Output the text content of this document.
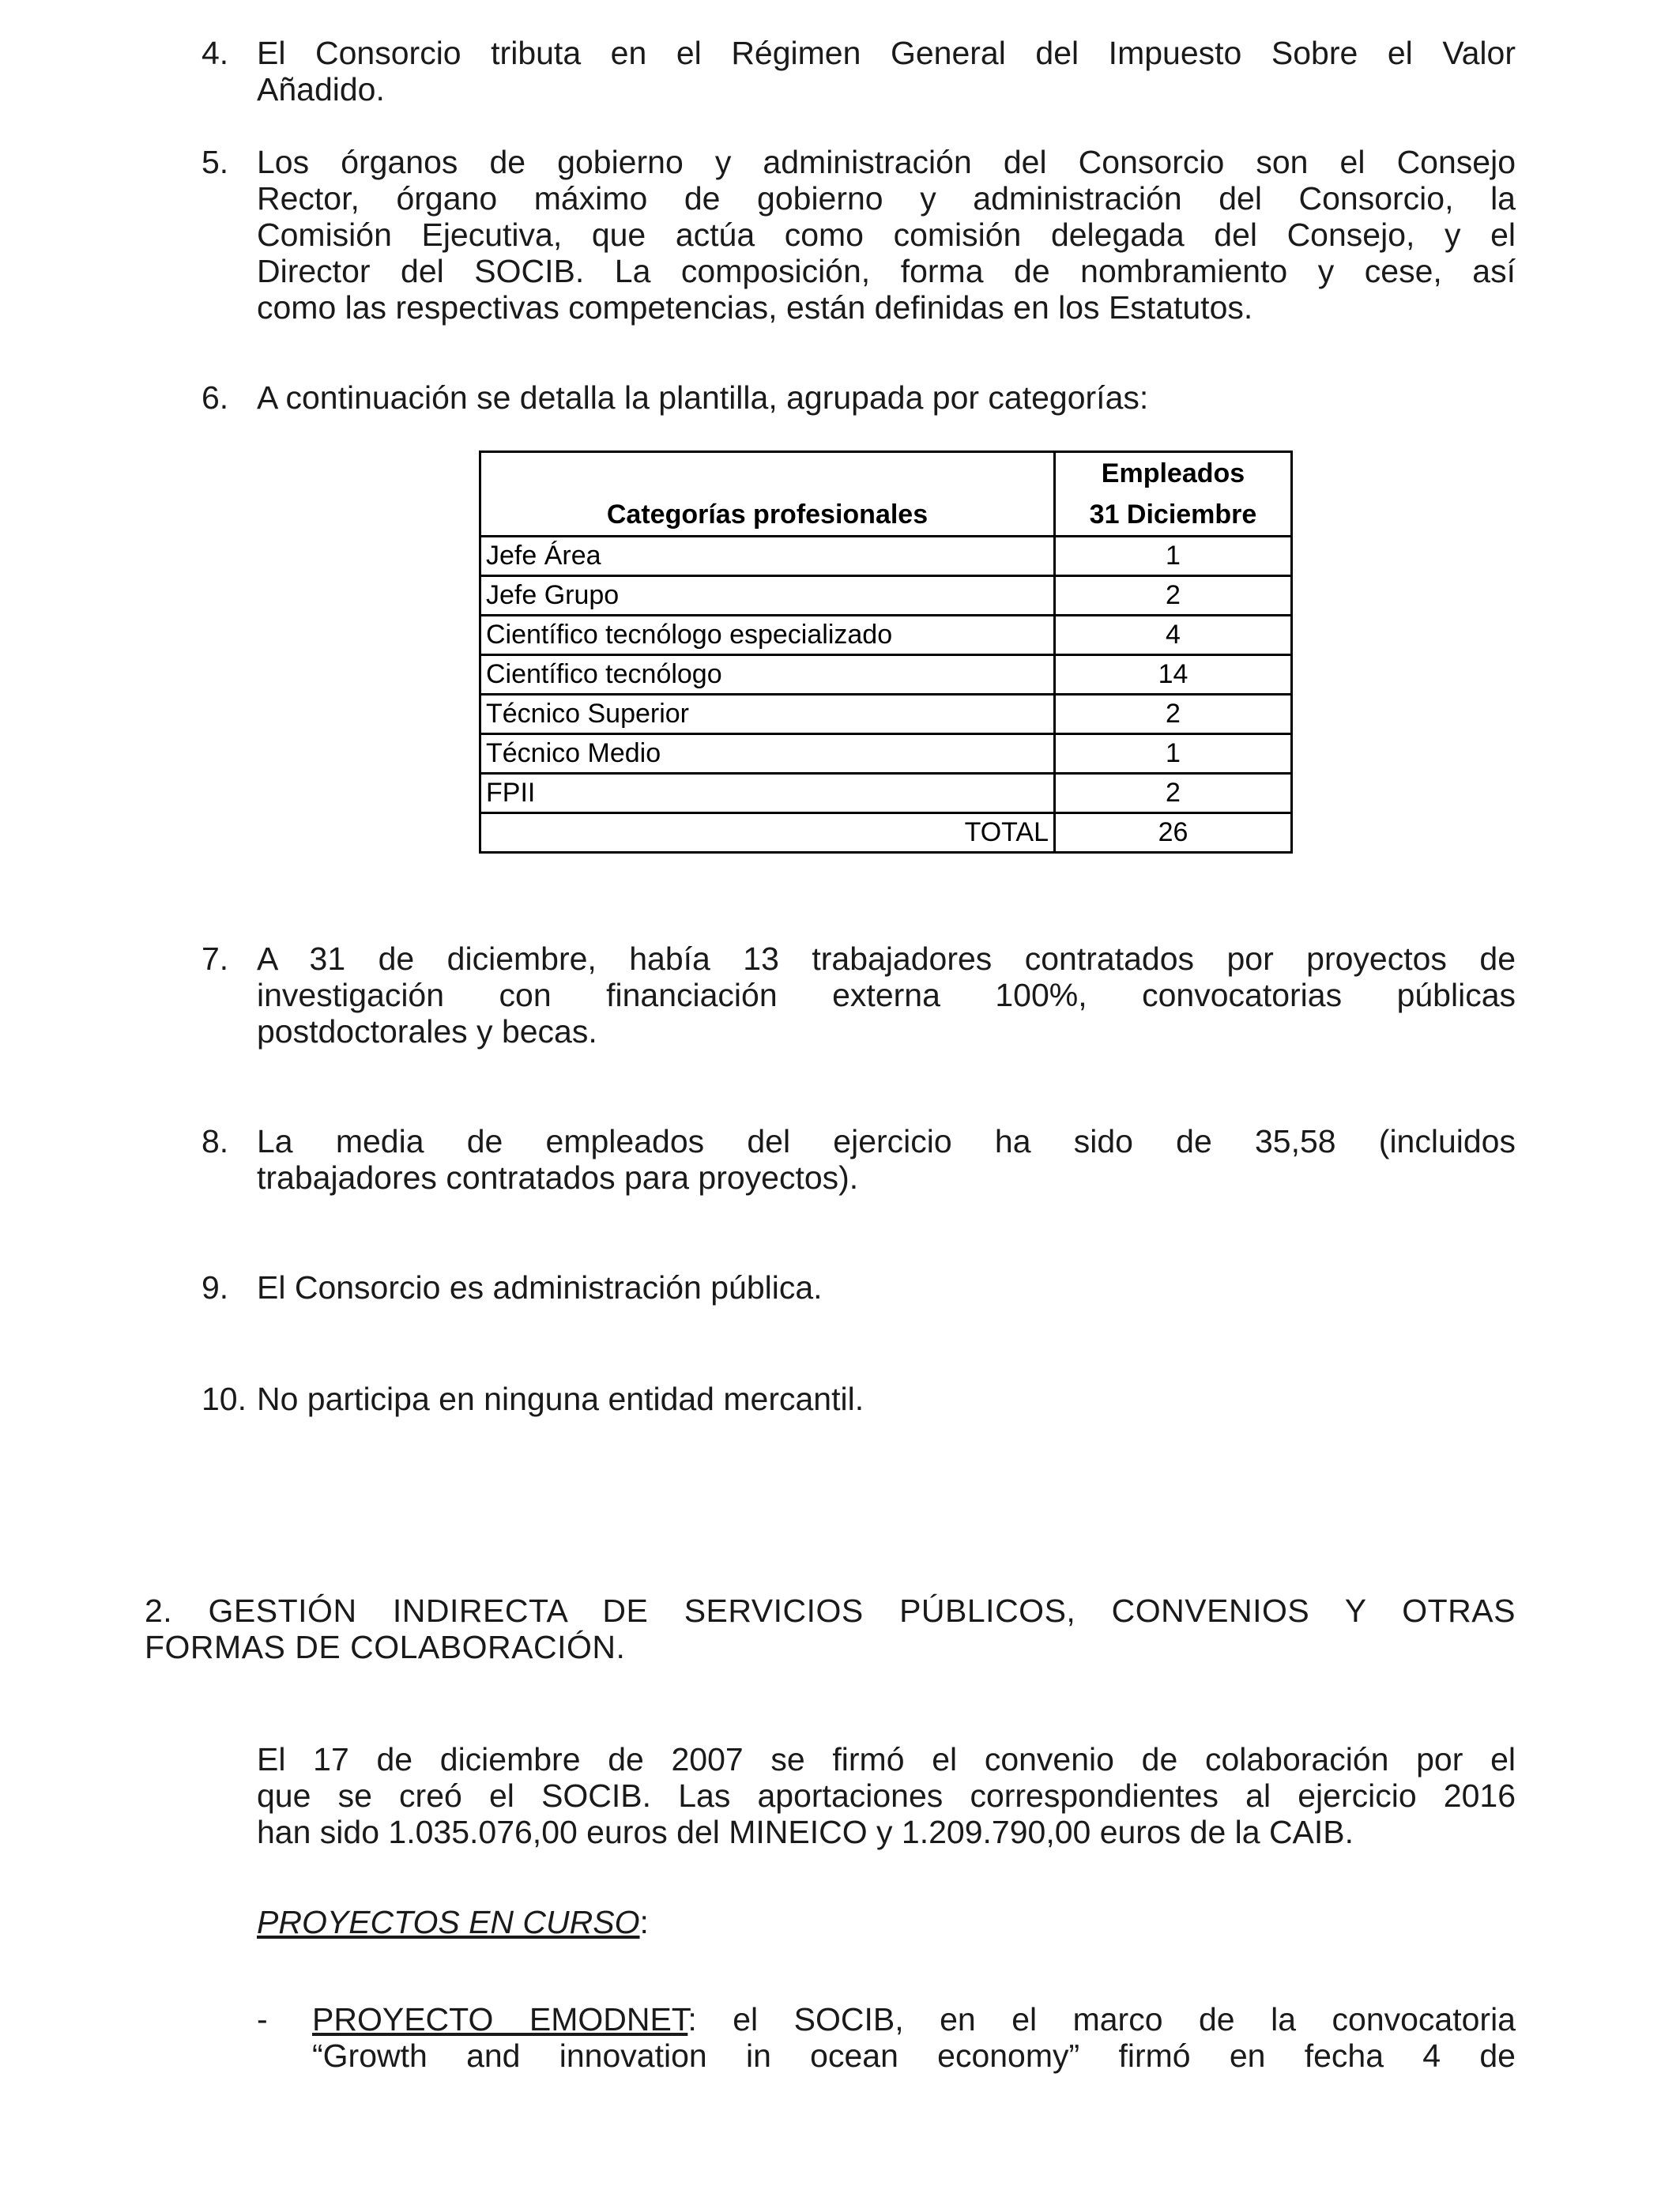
4. El Consorcio tributa en el Régimen General del Impuesto Sobre el Valor
Añadido.
5. Los órganos de gobierno y administración del Consorcio son el Consejo
Rector, órgano máximo de gobierno y administración del Consorcio, la
Comisión Ejecutiva, que actúa como comisión delegada del Consejo, y el
Director del SOCIB. La composición, forma de nombramiento y cese, así
como las respectivas competencias, están definidas en los Estatutos.
6. A continuación se detalla la plantilla, agrupada por categorías:
Categorías profesionales	Empleados
31 Diciembre

Jefe Área	1
Jefe Grupo	2
Científico tecnólogo especializado	4
Científico tecnólogo	14
Técnico Superior	2
Técnico Medio	1
FPII	2
TOTAL	26
7. A 31 de diciembre, había 13 trabajadores contratados por proyectos de
investigación con financiación externa 100%, convocatorias públicas
postdoctorales y becas.
8. La media de empleados del ejercicio ha sido de 35,58 (incluidos
trabajadores contratados para proyectos).
9. El Consorcio es administración pública.
10. No participa en ninguna entidad mercantil.
2. GESTIÓN INDIRECTA DE SERVICIOS PÚBLICOS, CONVENIOS Y OTRAS
FORMAS DE COLABORACIÓN.
El 17 de diciembre de 2007 se firmó el convenio de colaboración por el
que se creó el SOCIB. Las aportaciones correspondientes al ejercicio 2016
han sido 1.035.076,00 euros del MINEICO y 1.209.790,00 euros de la CAIB.
PROYECTOS EN CURSO:
- PROYECTO EMODNET: el SOCIB, en el marco de la convocatoria
“Growth and innovation in ocean economy” firmó en fecha 4 de
